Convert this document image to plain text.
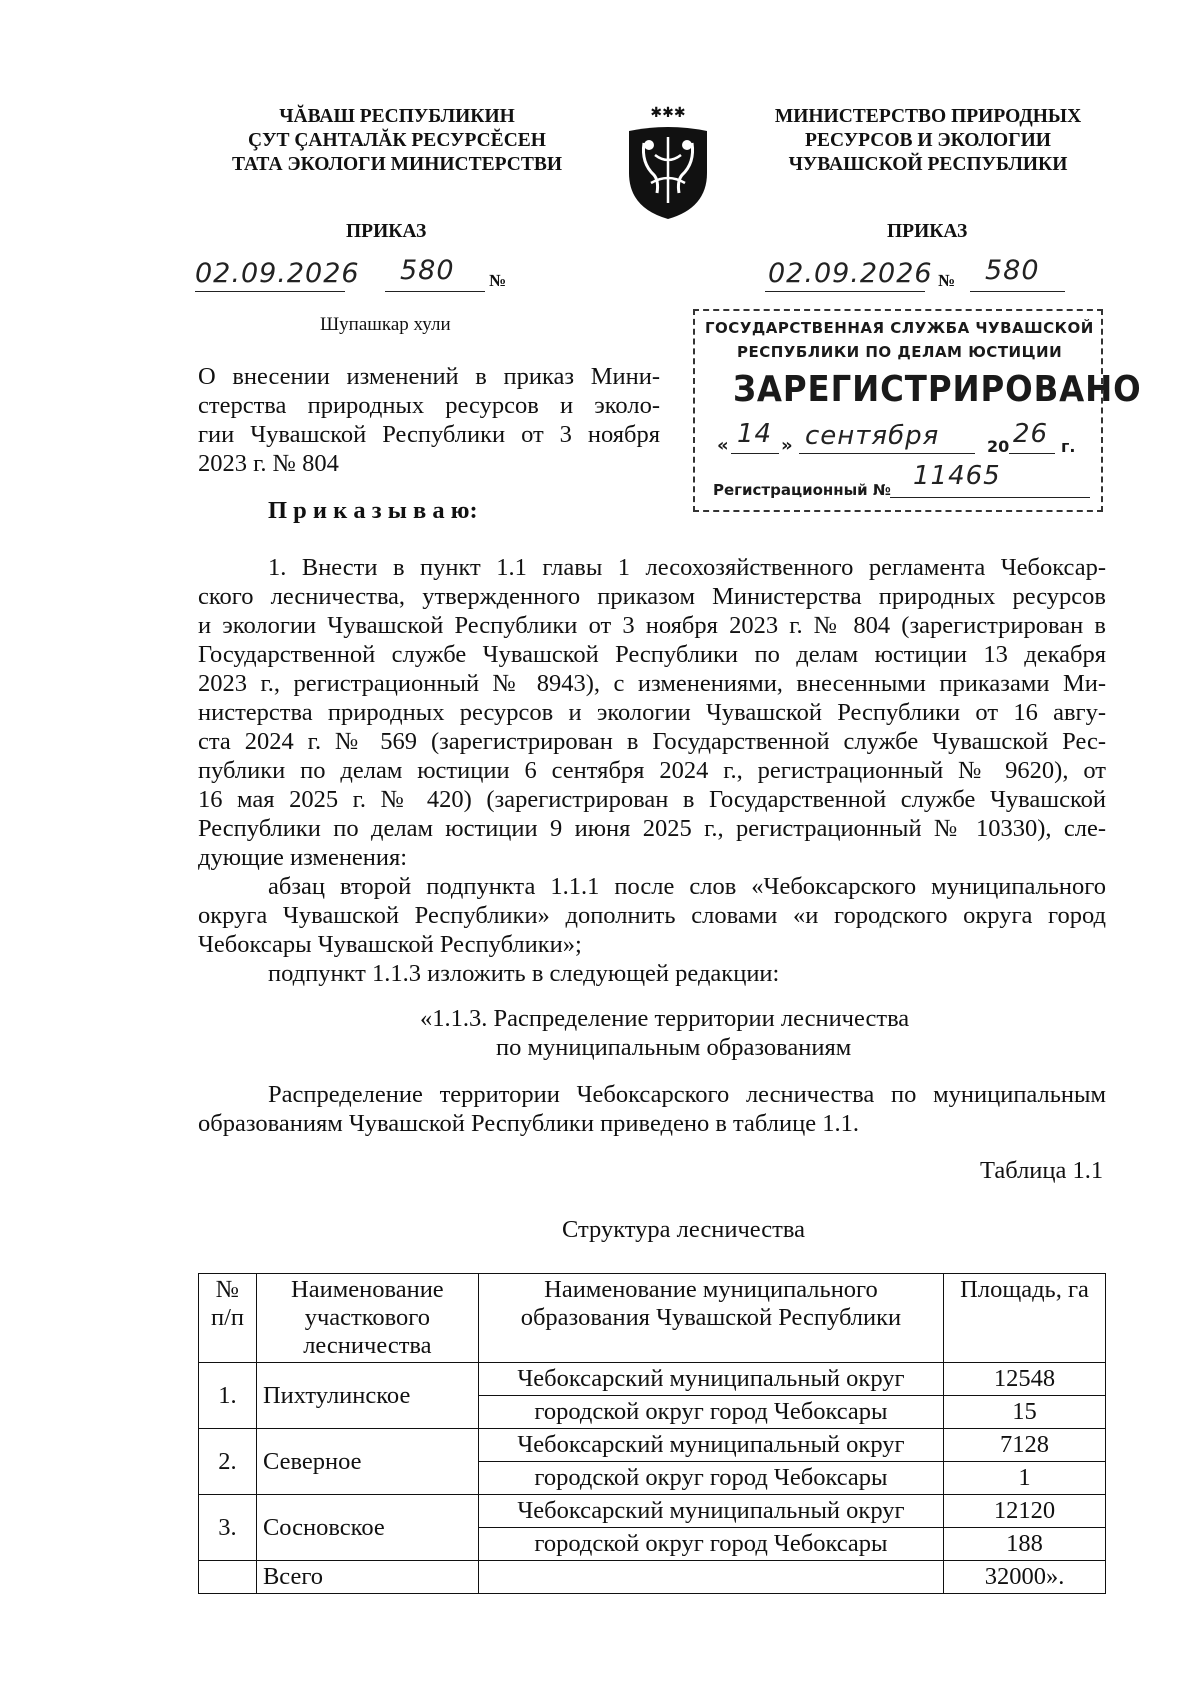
ЧĂВАШ РЕСПУБЛИКИН
ÇУТ ÇАНТАЛĂК РЕСУРСĔСЕН
ТАТА ЭКОЛОГИ МИНИСТЕРСТВИ
✱✱✱	МИНИСТЕРСТВО ПРИРОДНЫХ
РЕСУРСОВ И ЭКОЛОГИИ
ЧУВАШСКОЙ РЕСПУБЛИКИ
ПРИКАЗ	ПРИКАЗ
02.09.2026 580 №	02.09.2026 № 580
Шупашкар хули	ГОСУДАРСТВЕННАЯ СЛУЖБА ЧУВАШСКОЙ
РЕСПУБЛИКИ ПО ДЕЛАМ ЮСТИЦИИ
ЗАРЕГИСТРИРОВАНО
« 14 » сентября	20 26 г.
Регистрационный № 11465
О внесении изменений в приказ Мини-
стерства природных ресурсов и эколо-
гии Чувашской Республики от 3 ноября
2023 г. № 804
П р и к а з ы в а ю:
1. Внести в пункт 1.1 главы 1 лесохозяйственного регламента Чебоксар-
ского лесничества, утвержденного приказом Министерства природных ресурсов
и экологии Чувашской Республики от 3 ноября 2023 г. № 804 (зарегистрирован в
Государственной службе Чувашской Республики по делам юстиции 13 декабря
2023 г., регистрационный № 8943), с изменениями, внесенными приказами Ми-
нистерства природных ресурсов и экологии Чувашской Республики от 16 авгу-
ста 2024 г. № 569 (зарегистрирован в Государственной службе Чувашской Рес-
публики по делам юстиции 6 сентября 2024 г., регистрационный № 9620), от
16 мая 2025 г. № 420) (зарегистрирован в Государственной службе Чувашской
Республики по делам юстиции 9 июня 2025 г., регистрационный № 10330), сле-
дующие изменения:
абзац второй подпункта 1.1.1 после слов «Чебоксарского муниципального
округа Чувашской Республики» дополнить словами «и городского округа город
Чебоксары Чувашской Республики»;
подпункт 1.1.3 изложить в следующей редакции:
«1.1.3. Распределение территории лесничества
по муниципальным образованиям
Распределение территории Чебоксарского лесничества по муниципальным
образованиям Чувашской Республики приведено в таблице 1.1.
Таблица 1.1
Структура лесничества
№ п/п	Наименование участкового лесничества	Наименование муниципального образования Чувашской Республики	Площадь, га
1.	Пихтулинское	Чебоксарский муниципальный округ	12548
		городской округ город Чебоксары	15
2.	Северное	Чебоксарский муниципальный округ	7128
		городской округ город Чебоксары	1
3.	Сосновское	Чебоксарский муниципальный округ	12120
		городской округ город Чебоксары	188
	Всего		32000».
